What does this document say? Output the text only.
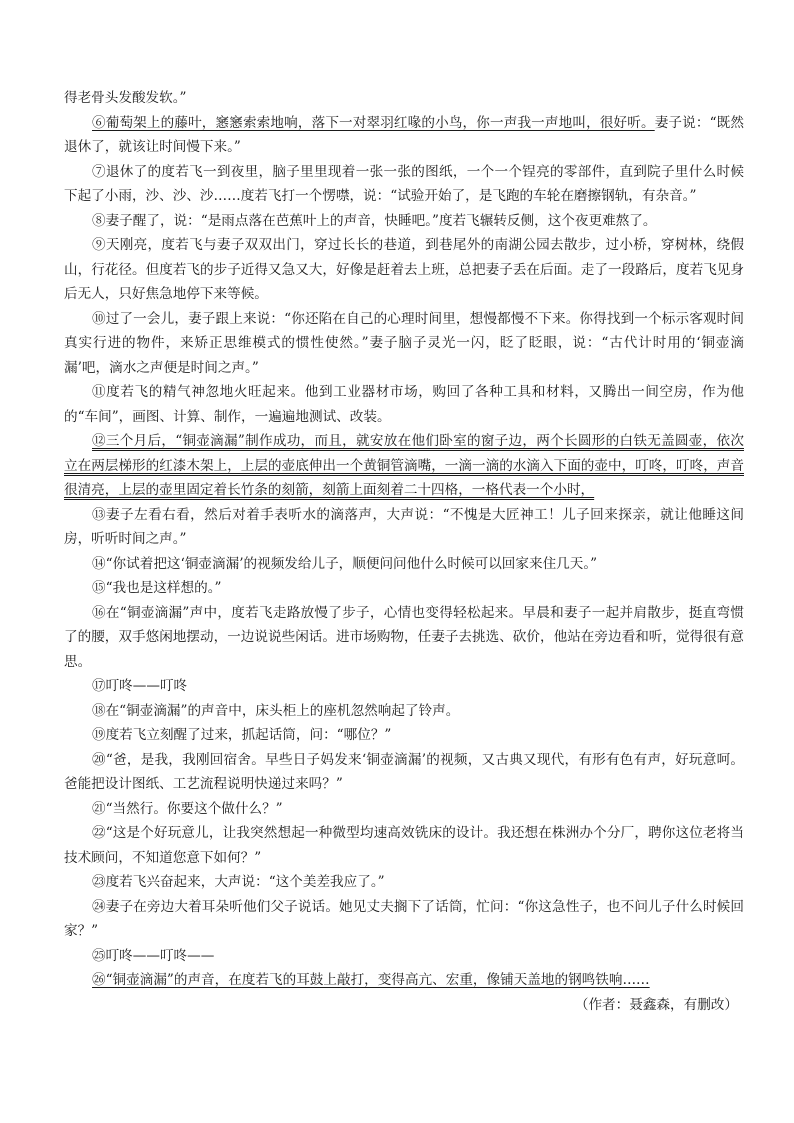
得老骨头发酸发软。”

⑥葡萄架上的藤叶，窸窸索索地响，落下一对翠羽红喙的小鸟，你一声我一声地叫，很好听。妻子说：“既然退休了，就该让时间慢下来。”

⑦退休了的度若飞一到夜里，脑子里里现着一张一张的图纸，一个一个锃亮的零部件，直到院子里什么时候下起了小雨，沙、沙、沙……度若飞打一个愣噤，说：“试验开始了，是飞跑的车轮在磨擦钢轨，有杂音。”

⑧妻子醒了，说：“是雨点落在芭蕉叶上的声音，快睡吧。”度若飞辗转反侧，这个夜更难熬了。

⑨天刚亮，度若飞与妻子双双出门，穿过长长的巷道，到巷尾外的南湖公园去散步，过小桥，穿树林，绕假山，行花径。但度若飞的步子近得又急又大，好像是赶着去上班，总把妻子丢在后面。走了一段路后，度若飞见身后无人，只好焦急地停下来等候。

⑩过了一会儿，妻子跟上来说：“你还陷在自己的心理时间里，想慢都慢不下来。你得找到一个标示客观时间真实行进的物件，来矫正思维模式的惯性使然。”妻子脑子灵光一闪，眨了眨眼，说：“古代计时用的‘铜壶滴漏’吧，滴水之声便是时间之声。”

⑪度若飞的精气神忽地火旺起来。他到工业器材市场，购回了各种工具和材料，又腾出一间空房，作为他的“车间”，画图、计算、制作，一遍遍地测试、改装。

⑫三个月后，“铜壶滴漏”制作成功，而且，就安放在他们卧室的窗子边，两个长圆形的白铁无盖圆壶，依次立在两层梯形的红漆木架上，上层的壶底伸出一个黄铜管滴嘴，一滴一滴的水滴入下面的壶中，叮咚，叮咚，声音很清亮，上层的壶里固定着长竹条的刻箭，刻箭上面刻着二十四格，一格代表一个小时，

⑬妻子左看右看，然后对着手表听水的滴落声，大声说：“不愧是大匠神工！儿子回来探亲，就让他睡这间房，听听时间之声。”

⑭“你试着把这‘铜壶滴漏’的视频发给儿子，顺便问问他什么时候可以回家来住几天。”

⑮“我也是这样想的。”

⑯在“铜壶滴漏”声中，度若飞走路放慢了步子，心情也变得轻松起来。早晨和妻子一起并肩散步，挺直弯惯了的腰，双手悠闲地摆动，一边说说些闲话。进市场购物，任妻子去挑选、砍价，他站在旁边看和听，觉得很有意思。

⑰叮咚——叮咚

⑱在“铜壶滴漏”的声音中，床头柜上的座机忽然响起了铃声。

⑲度若飞立刻醒了过来，抓起话筒，问：“哪位？”

⑳“爸，是我，我刚回宿舍。早些日子妈发来‘铜壶滴漏’的视频，又古典又现代，有形有色有声，好玩意呵。爸能把设计图纸、工艺流程说明快递过来吗？”

㉑“当然行。你要这个做什么？”

㉒“这是个好玩意儿，让我突然想起一种微型均速高效铣床的设计。我还想在株洲办个分厂，聘你这位老将当技术顾问，不知道您意下如何？”

㉓度若飞兴奋起来，大声说：“这个美差我应了。”

㉔妻子在旁边大着耳朵听他们父子说话。她见丈夫搁下了话筒，忙问：“你这急性子，也不问儿子什么时候回家？”

㉕叮咚——叮咚——

㉖“铜壶滴漏”的声音，在度若飞的耳鼓上敲打，变得高亢、宏重，像铺天盖地的钢鸣铁响……

（作者：聂鑫森，有删改）
